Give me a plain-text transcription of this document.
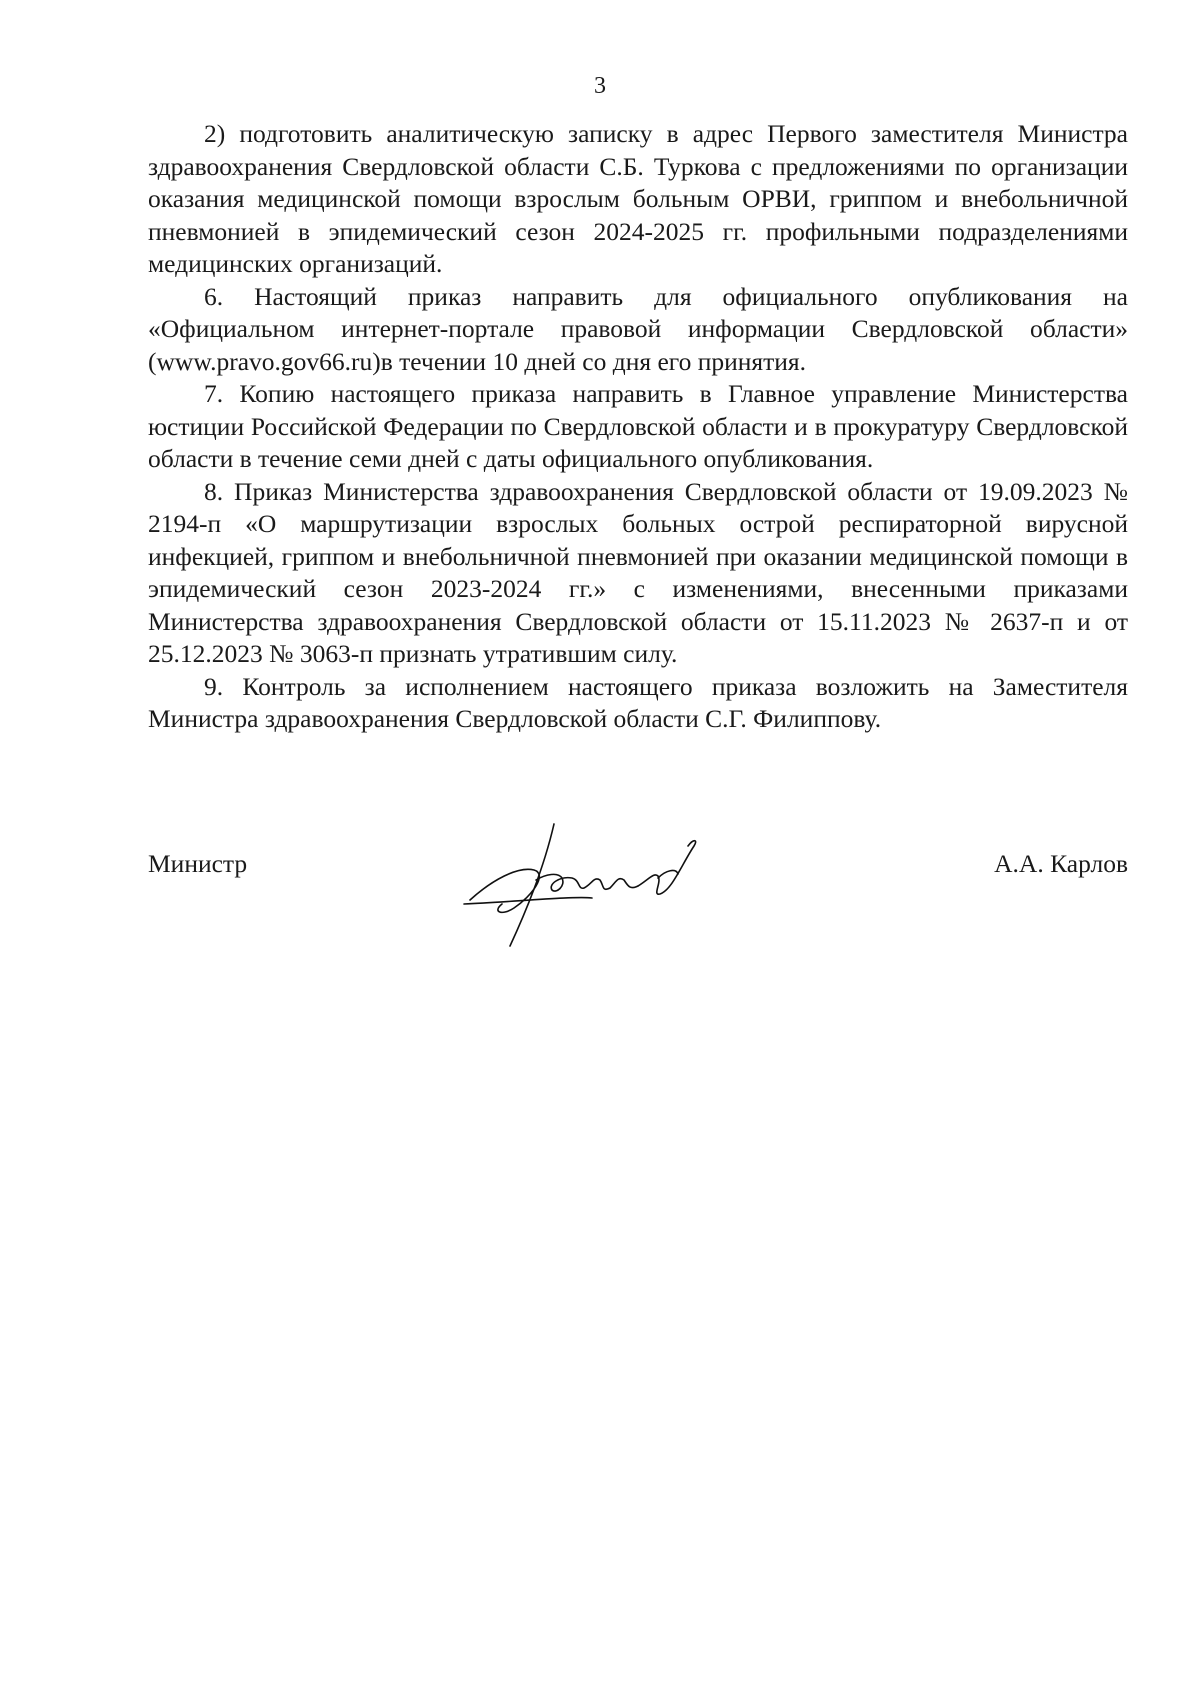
3

2) подготовить аналитическую записку в адрес Первого заместителя Министра здравоохранения Свердловской области С.Б. Туркова с предложениями по организации оказания медицинской помощи взрослым больным ОРВИ, гриппом и внебольничной пневмонией в эпидемический сезон 2024-2025 гг. профильными подразделениями медицинских организаций.

6. Настоящий приказ направить для официального опубликования на «Официальном интернет-портале правовой информации Свердловской области» (www.pravo.gov66.ru)в течении 10 дней со дня его принятия.

7. Копию настоящего приказа направить в Главное управление Министерства юстиции Российской Федерации по Свердловской области и в прокуратуру Свердловской области в течение семи дней с даты официального опубликования.

8. Приказ Министерства здравоохранения Свердловской области от 19.09.2023 № 2194-п «О маршрутизации взрослых больных острой респираторной вирусной инфекцией, гриппом и внебольничной пневмонией при оказании медицинской помощи в эпидемический сезон 2023-2024 гг.» с изменениями, внесенными приказами Министерства здравоохранения Свердловской области от 15.11.2023 № 2637-п и от 25.12.2023 № 3063-п признать утратившим силу.

9. Контроль за исполнением настоящего приказа возложить на Заместителя Министра здравоохранения Свердловской области С.Г. Филиппову.

Министр	А.А. Карлов
